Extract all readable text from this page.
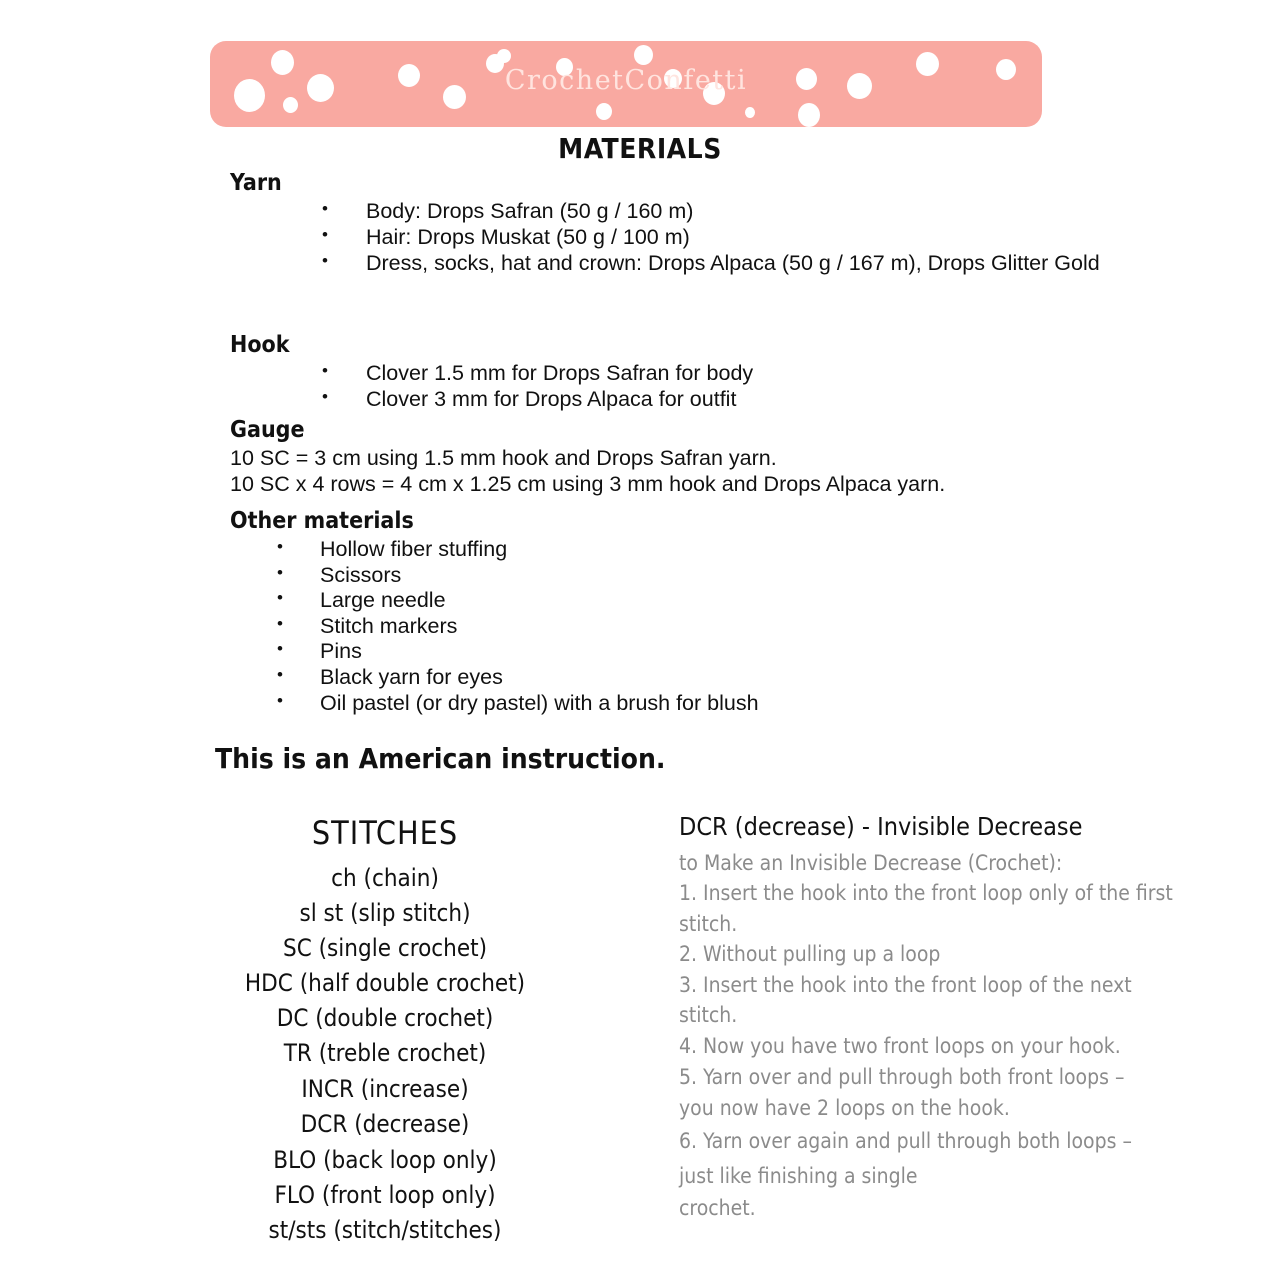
CrochetConfetti
MATERIALS
Yarn
• Body: Drops Safran (50 g / 160 m)
• Hair: Drops Muskat (50 g / 100 m)
• Dress, socks, hat and crown: Drops Alpaca (50 g / 167 m), Drops Glitter Gold
Hook
• Clover 1.5 mm for Drops Safran for body
• Clover 3 mm for Drops Alpaca for outfit
Gauge
10 SC = 3 cm using 1.5 mm hook and Drops Safran yarn.
10 SC x 4 rows = 4 cm x 1.25 cm using 3 mm hook and Drops Alpaca yarn.
Other materials
• Hollow fiber stuffing
• Scissors
• Large needle
• Stitch markers
• Pins
• Black yarn for eyes
• Oil pastel (or dry pastel) with a brush for blush
This is an American instruction.
STITCHES
ch (chain)
sl st (slip stitch)
SC (single crochet)
HDC (half double crochet)
DC (double crochet)
TR (treble crochet)
INCR (increase)
DCR (decrease)
BLO (back loop only)
FLO (front loop only)
st/sts (stitch/stitches)
DCR (decrease) - Invisible Decrease
to Make an Invisible Decrease (Crochet):
1. Insert the hook into the front loop only of the first
stitch.
2. Without pulling up a loop
3. Insert the hook into the front loop of the next
stitch.
4. Now you have two front loops on your hook.
5. Yarn over and pull through both front loops –
you now have 2 loops on the hook.
6. Yarn over again and pull through both loops –
just like finishing a single
crochet.
